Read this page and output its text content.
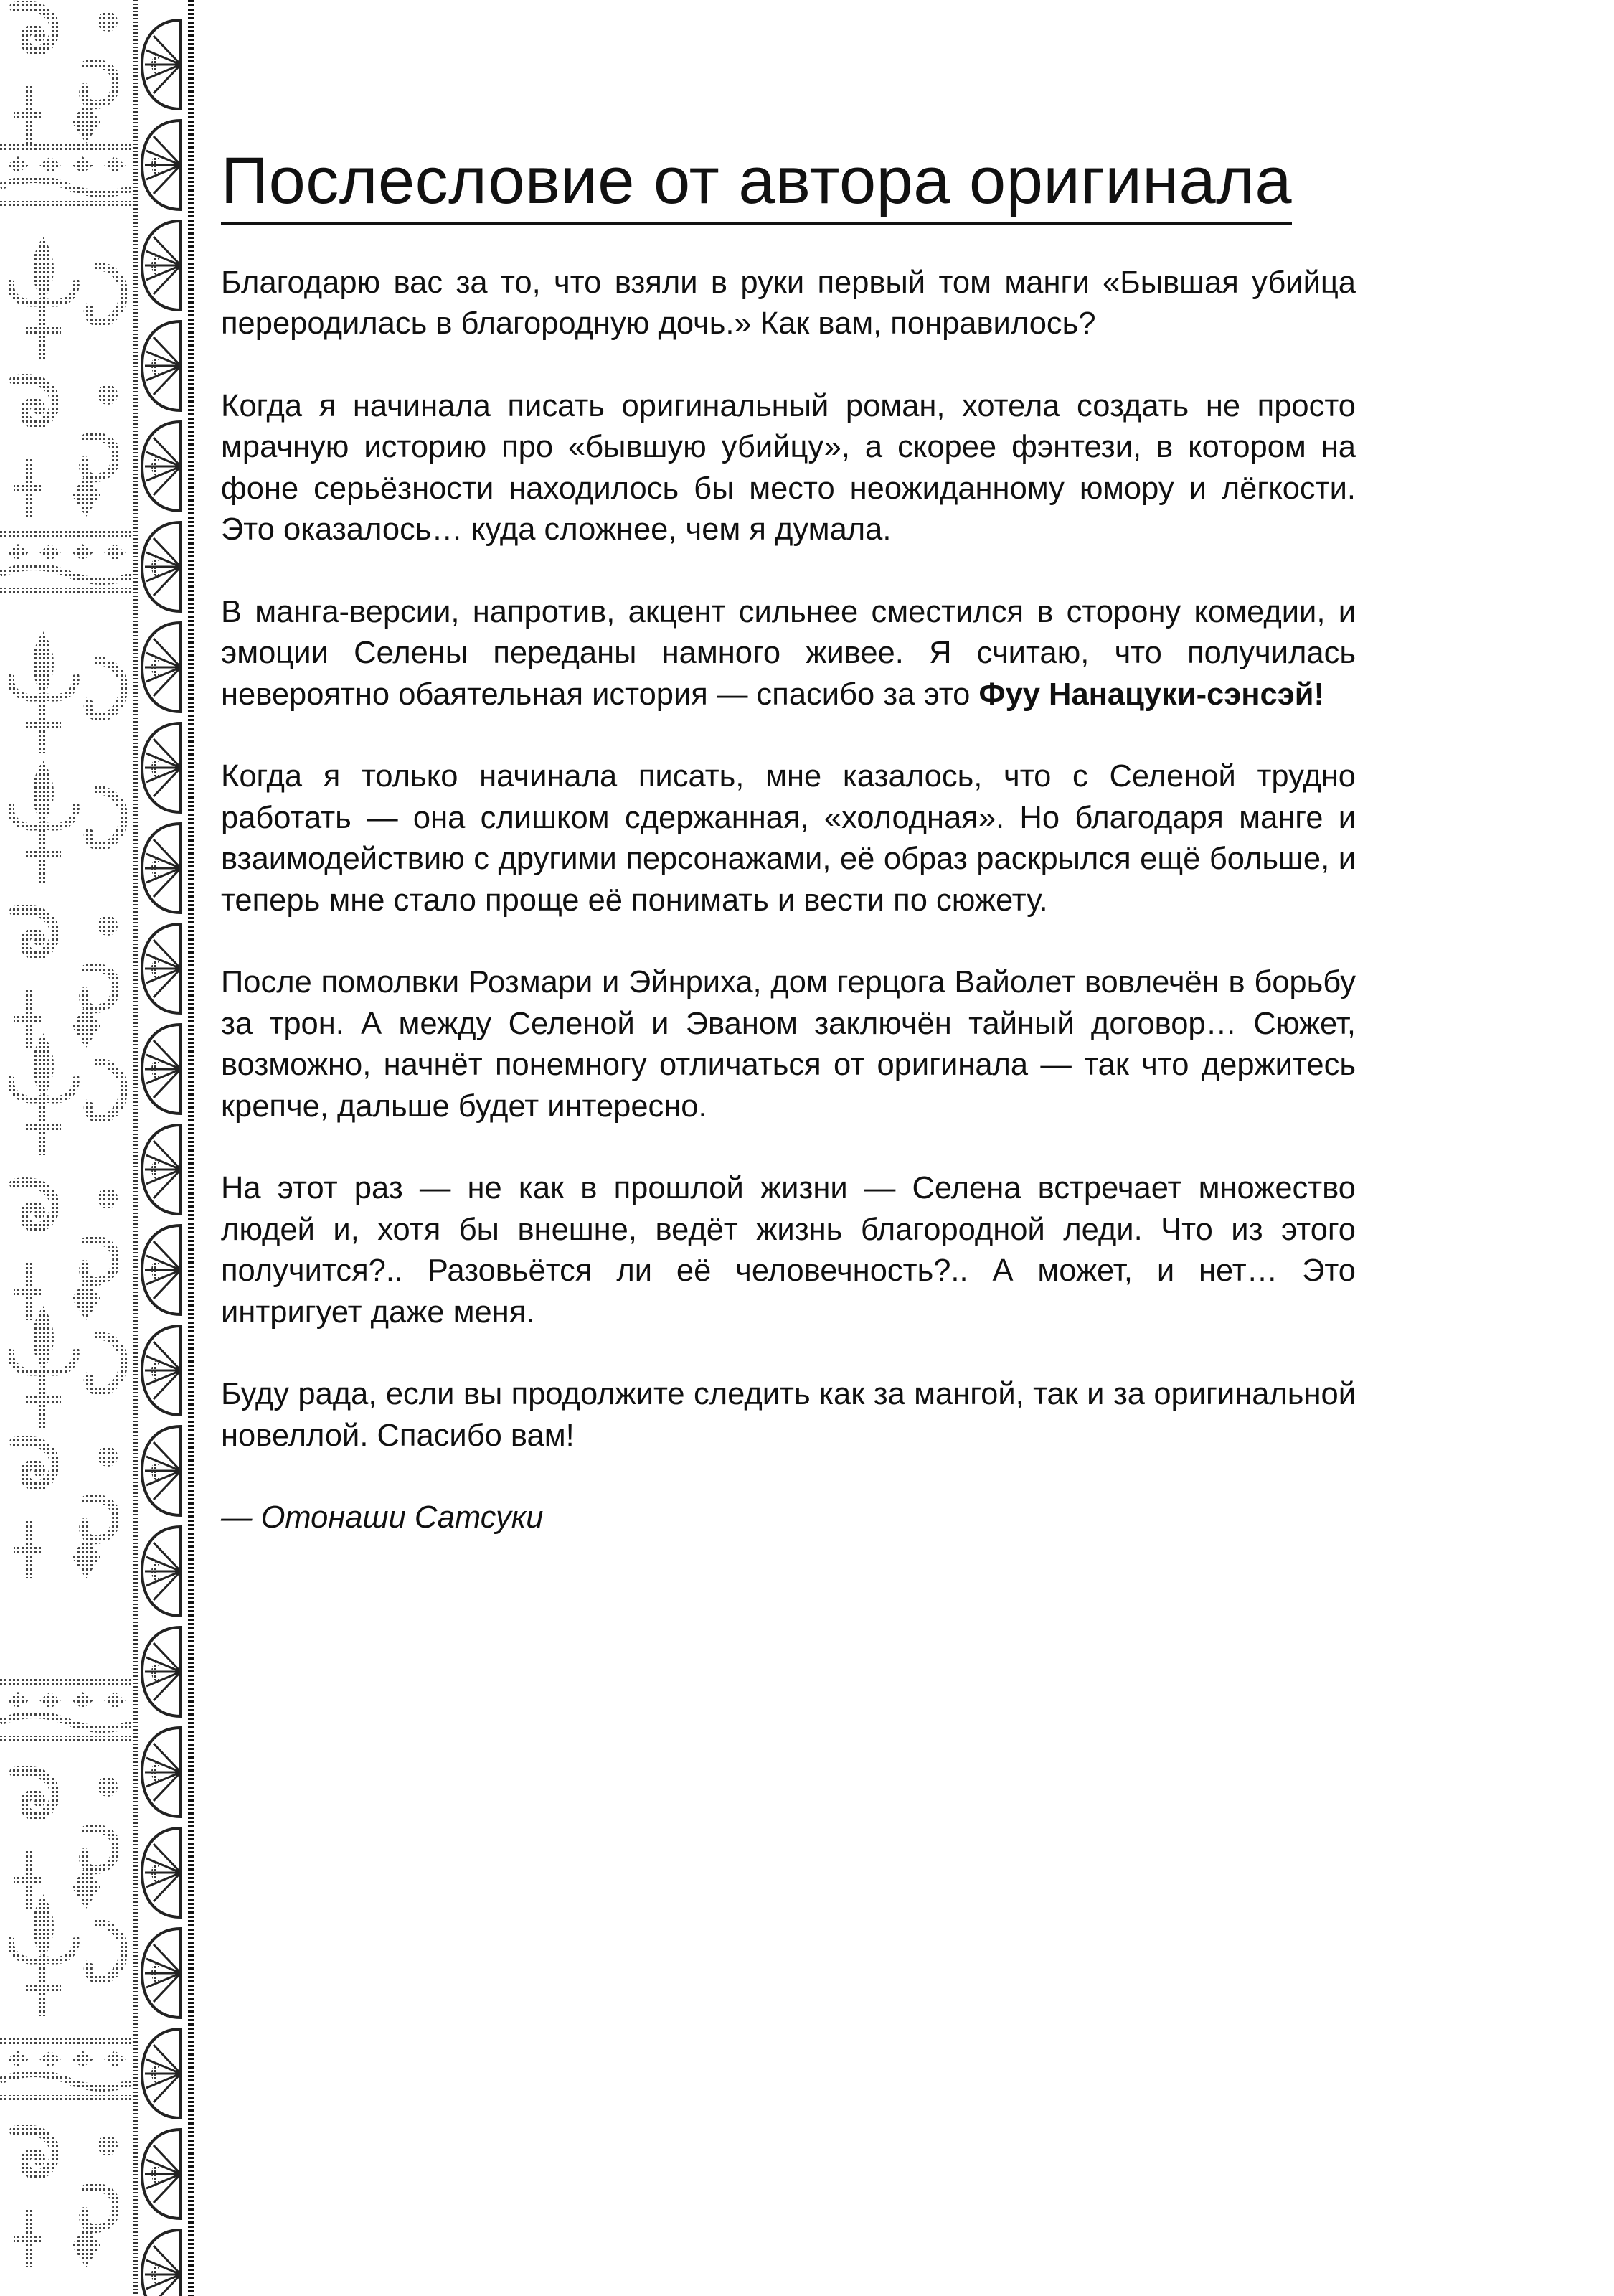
Послесловие от автора оригинала

Благодарю вас за то, что взяли в руки первый том манги «Бывшая убийца переродилась в благородную дочь.» Как вам, понравилось?

Когда я начинала писать оригинальный роман, хотела создать не просто мрачную историю про «бывшую убийцу», а скорее фэнтези, в котором на фоне серьёзности находилось бы место неожиданному юмору и лёгкости. Это оказалось… куда сложнее, чем я думала.

В манга-версии, напротив, акцент сильнее сместился в сторону комедии, и эмоции Селены переданы намного живее. Я считаю, что получилась невероятно обаятельная история — спасибо за это Фуу Нанацуки-сэнсэй!

Когда я только начинала писать, мне казалось, что с Селеной трудно работать — она слишком сдержанная, «холодная». Но благодаря манге и взаимодействию с другими персонажами, её образ раскрылся ещё больше, и теперь мне стало проще её понимать и вести по сюжету.

После помолвки Розмари и Эйнриха, дом герцога Вайолет вовлечён в борьбу за трон. А между Селеной и Эваном заключён тайный договор… Сюжет, возможно, начнёт понемногу отличаться от оригинала — так что держитесь крепче, дальше будет интересно.

На этот раз — не как в прошлой жизни — Селена встречает множество людей и, хотя бы внешне, ведёт жизнь благородной леди. Что из этого получится?.. Разовьётся ли её человечность?.. А может, и нет… Это интригует даже меня.

Буду рада, если вы продолжите следить как за мангой, так и за оригинальной новеллой. Спасибо вам!

— Отонаши Сатсуки
